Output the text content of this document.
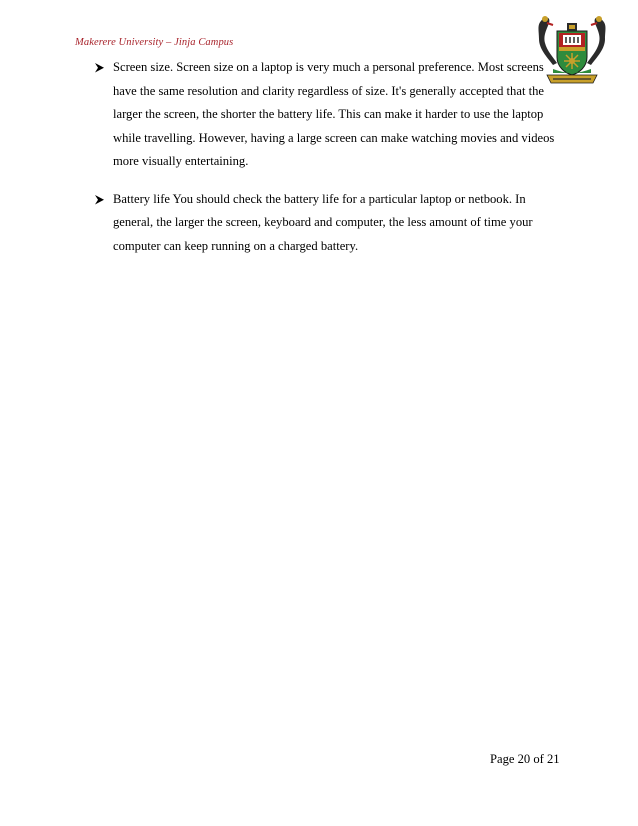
Makerere University – Jinja Campus
Screen size. Screen size on a laptop is very much a personal preference. Most screens have the same resolution and clarity regardless of size. It's generally accepted that the larger the screen, the shorter the battery life. This can make it harder to use the laptop while travelling. However, having a large screen can make watching movies and videos more visually entertaining.
Battery life You should check the battery life for a particular laptop or netbook. In general, the larger the screen, keyboard and computer, the less amount of time your computer can keep running on a charged battery.
Page 20 of 21
